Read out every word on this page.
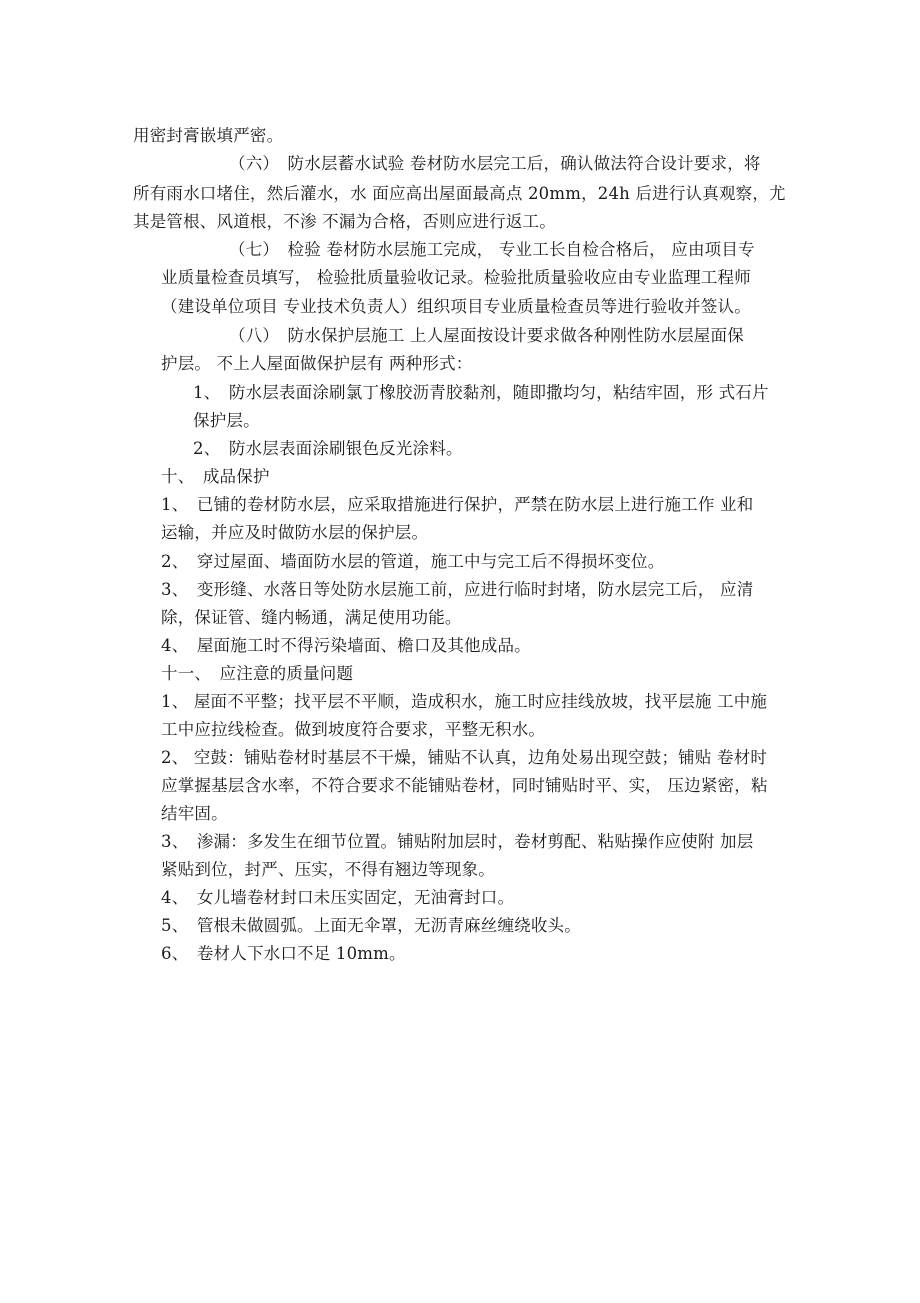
用密封膏嵌填严密。
（六）　防水层蓄水试验 卷材防水层完工后，确认做法符合设计要求，将
所有雨水口堵住，然后灌水，水 面应高出屋面最高点 20mm，24h 后进行认真观察，尤
其是管根、风道根，不渗 不漏为合格，否则应进行返工。
（七）　检验 卷材防水层施工完成， 专业工长自检合格后， 应由项目专
业质量检查员填写， 检验批质量验收记录。检验批质量验收应由专业监理工程师
（建设单位项目 专业技术负责人）组织项目专业质量检查员等进行验收并签认。
（八）　防水保护层施工 上人屋面按设计要求做各种刚性防水层屋面保
护层。 不上人屋面做保护层有 两种形式：
1、　防水层表面涂刷氯丁橡胶沥青胶黏剂，随即撒均匀，粘结牢固，形 式石片
保护层。
2、　防水层表面涂刷银色反光涂料。
十、　成品保护
1、　已铺的卷材防水层，应采取措施进行保护，严禁在防水层上进行施工作 业和
运输，并应及时做防水层的保护层。
2、　穿过屋面、墙面防水层的管道，施工中与完工后不得损坏变位。
3、　变形缝、水落日等处防水层施工前，应进行临时封堵，防水层完工后， 应清
除，保证管、缝内畅通，满足使用功能。
4、　屋面施工时不得污染墙面、檐口及其他成品。
十一、　应注意的质量问题
1、 屋面不平整；找平层不平顺，造成积水，施工时应挂线放坡，找平层施 工中施
工中应拉线检查。做到坡度符合要求，平整无积水。
2、 空鼓：铺贴卷材时基层不干燥，铺贴不认真，边角处易出现空鼓；铺贴 卷材时
应掌握基层含水率，不符合要求不能铺贴卷材，同时铺贴时平、实， 压边紧密，粘
结牢固。
3、　渗漏：多发生在细节位置。铺贴附加层时，卷材剪配、粘贴操作应使附 加层
紧贴到位，封严、压实，不得有翘边等现象。
4、　女儿墙卷材封口未压实固定，无油膏封口。
5、　管根未做圆弧。上面无伞罩，无沥青麻丝缠绕收头。
6、　卷材人下水口不足 10mm。
